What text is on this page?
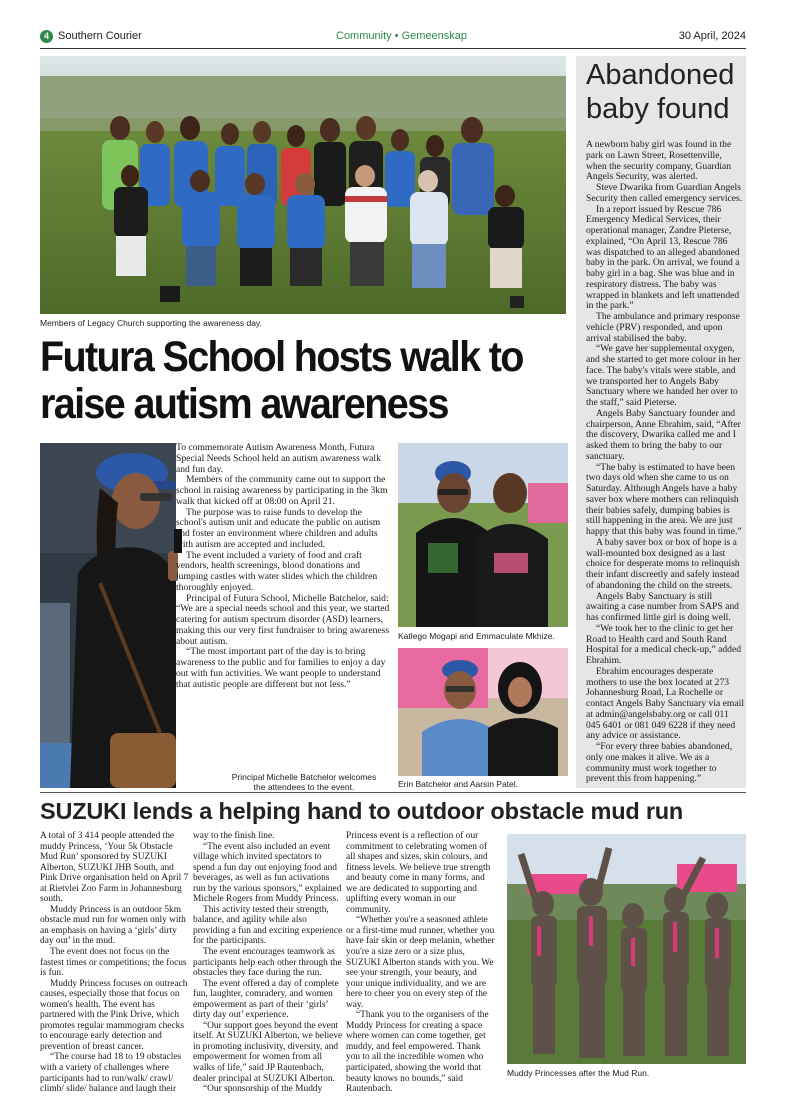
4 Southern Courier	Community • Gemeenskap	30 April, 2024
Members of Legacy Church supporting the awareness day.
Abandoned
baby found

A newborn baby girl was found in the park on Lawn Street, Rosettenville, when the security company, Guardian Angels Security, was alerted.

Steve Dwarika from Guardian Angels Security then called emergency services.

In a report issued by Rescue 786 Emergency Medical Services, their operational manager, Zandre Pieterse, explained, “On April 13, Rescue 786 was dispatched to an alleged abandoned baby in the park. On arrival, we found a baby girl in a bag. She was blue and in respiratory distress. The baby was wrapped in blankets and left unattended in the park.”

The ambulance and primary response vehicle (PRV) responded, and upon arrival stabilised the baby.

“We gave her supplemental oxygen, and she started to get more colour in her face. The baby's vitals were stable, and we transported her to Angels Baby Sanctuary where we handed her over to the staff,” said Pieterse.

Angels Baby Sanctuary founder and chairperson, Anne Ebrahim, said, “After the discovery, Dwarika called me and I asked them to bring the baby to our sanctuary.

“The baby is estimated to have been two days old when she came to us on Saturday. Although Angels have a baby saver box where mothers can relinquish their babies safely, dumping babies is still happening in the area. We are just happy that this baby was found in time.”

A baby saver box or box of hope is a wall-mounted box designed as a last choice for desperate moms to relinquish their infant discreetly and safely instead of abandoning the child on the streets.

Angels Baby Sanctuary is still awaiting a case number from SAPS and has confirmed little girl is doing well.

“We took her to the clinic to get her Road to Health card and South Rand Hospital for a medical check-up,” added Ebrahim.

Ebrahim encourages desperate mothers to use the box located at 273 Johannesburg Road, La Rochelle or contact Angels Baby Sanctuary via email at admin@angelsbaby.org or call 011 045 6401 or 081 049 6228 if they need any advice or assistance.

“For every three babies abandoned, only one makes it alive. We as a community must work together to prevent this from happening.”

Futura School hosts walk to
raise autism awareness
Principal Michelle Batchelor welcomes
the attendees to the event.

To commemorate Autism Awareness Month, Futura Special Needs School held an autism awareness walk and fun day.

Members of the community came out to support the school in raising awareness by participating in the 3km walk that kicked off at 08:00 on April 21.

The purpose was to raise funds to develop the school's autism unit and educate the public on autism and foster an environment where children and adults with autism are accepted and included.

The event included a variety of food and craft vendors, health screenings, blood donations and jumping castles with water slides which the children thoroughly enjoyed.

Principal of Futura School, Michelle Batchelor, said: “We are a special needs school and this year, we started catering for autism spectrum disorder (ASD) learners, making this our very first fundraiser to bring awareness about autism.

“The most important part of the day is to bring awareness to the public and for families to enjoy a day out with fun activities. We want people to understand that autistic people are different but not less.”

Katlego Mogapi and Emmaculate Mkhize.
Erin Batchelor and Aarsin Patel.
SUZUKI lends a helping hand to outdoor obstacle mud run

A total of 3 414 people attended the muddy Princess, ‘Your 5k Obstacle Mud Run’ sponsored by SUZUKI Alberton, SUZUKI JHB South, and Pink Drive organisation held on April 7 at Rietvlei Zoo Farm in Johannesburg south.

Muddy Princess is an outdoor 5km obstacle mud run for women only with an emphasis on having a ‘girls’ dirty day out’ in the mud.

The event does not focus on the fastest times or competitions; the focus is fun.

Muddy Princess focuses on outreach causes, especially those that focus on women's health. The event has partnered with the Pink Drive, which promotes regular mammogram checks to encourage early detection and prevention of breast cancer.

“The course had 18 to 19 obstacles with a variety of challenges where participants had to run/walk/ crawl/ climb/ slide/ balance and laugh their

way to the finish line.

“The event also included an event village which invited spectators to spend a fun day out enjoying food and beverages, as well as fun activations run by the various sponsors,” explained Michele Rogers from Muddy Princess.

This activity tested their strength, balance, and agility while also providing a fun and exciting experience for the participants.

The event encourages teamwork as participants help each other through the obstacles they face during the run.

The event offered a day of complete fun, laughter, comradery, and women empowerment as part of their ‘girls’ dirty day out’ experience.

“Our support goes beyond the event itself. At SUZUKI Alberton, we believe in promoting inclusivity, diversity, and empowerment for women from all walks of life,” said JP Rautenbach, dealer principal at SUZUKI Alberton.

“Our sponsorship of the Muddy

Princess event is a reflection of our commitment to celebrating women of all shapes and sizes, skin colours, and fitness levels. We believe true strength and beauty come in many forms, and we are dedicated to supporting and uplifting every woman in our community.

“Whether you're a seasoned athlete or a first-time mud runner, whether you have fair skin or deep melanin, whether you're a size zero or a size plus, SUZUKI Alberton stands with you. We see your strength, your beauty, and your unique individuality, and we are here to cheer you on every step of the way.

“Thank you to the organisers of the Muddy Princess for creating a space where women can come together, get muddy, and feel empowered. Thank you to all the incredible women who participated, showing the world that beauty knows no bounds,” said Rautenbach.

Muddy Princesses after the Mud Run.
